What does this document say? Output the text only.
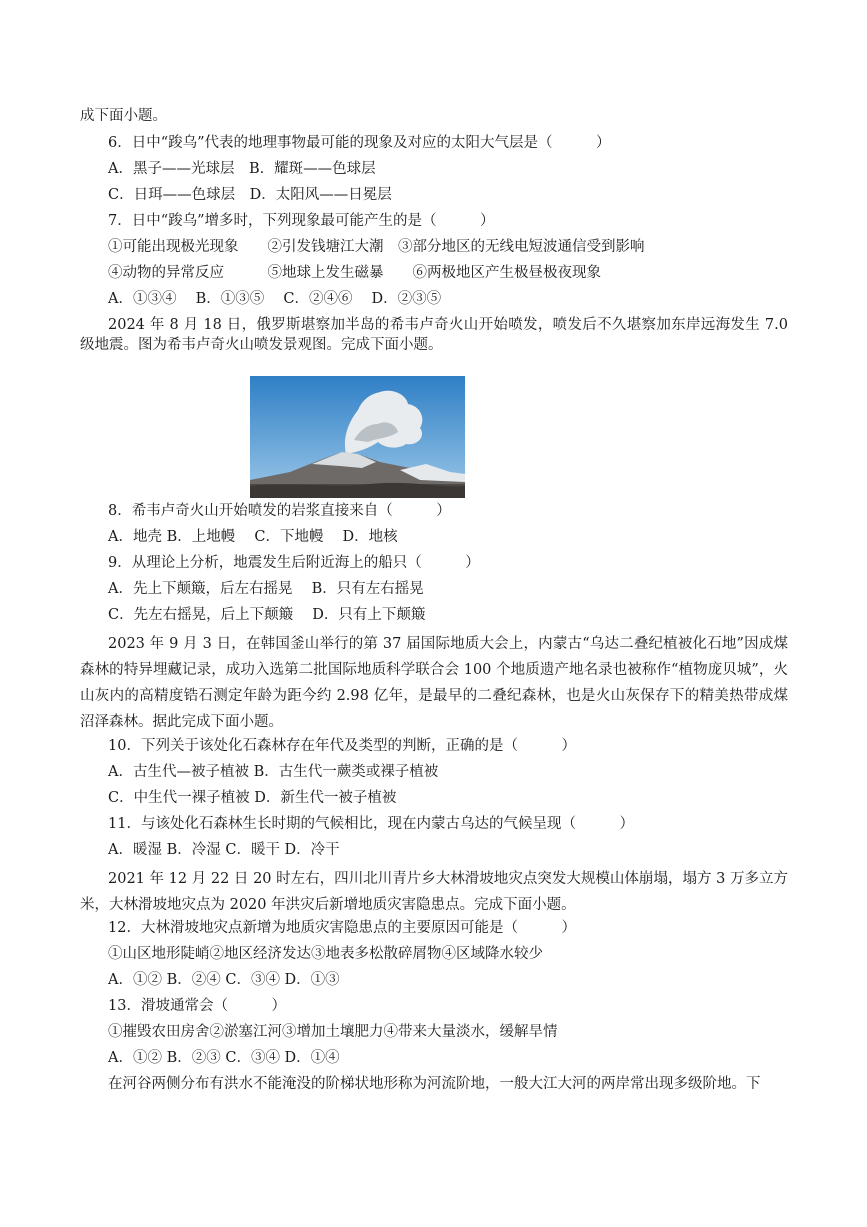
成下面小题。
6．日中“踆乌”代表的地理事物最可能的现象及对应的太阳大气层是（　　　）
A．黑子——光球层　B．耀斑——色球层
C．日珥——色球层　D．太阳风——日冕层
7．日中“踆乌”增多时，下列现象最可能产生的是（　　　）
①可能出现极光现象　　②引发钱塘江大潮　③部分地区的无线电短波通信受到影响
④动物的异常反应　　　⑤地球上发生磁暴　　⑥两极地区产生极昼极夜现象
A．①③④　 B．①③⑤　 C．②④⑥　 D．②③⑤
2024 年 8 月 18 日，俄罗斯堪察加半岛的希韦卢奇火山开始喷发，喷发后不久堪察加东岸远海发生 7.0 级地震。图为希韦卢奇火山喷发景观图。完成下面小题。
8．希韦卢奇火山开始喷发的岩浆直接来自（　　　）
A．地壳 B．上地幔　 C．下地幔　 D．地核
9．从理论上分析，地震发生后附近海上的船只（　　　）
A．先上下颠簸，后左右摇晃　 B．只有左右摇晃
C．先左右摇晃，后上下颠簸　 D．只有上下颠簸
2023 年 9 月 3 日，在韩国釜山举行的第 37 届国际地质大会上，内蒙古“乌达二叠纪植被化石地”因成煤森林的特异埋藏记录，成功入选第二批国际地质科学联合会 100 个地质遗产地名录也被称作“植物庞贝城”，火山灰内的高精度锆石测定年龄为距今约 2.98 亿年，是最早的二叠纪森林，也是火山灰保存下的精美热带成煤沼泽森林。据此完成下面小题。
10．下列关于该处化石森林存在年代及类型的判断，正确的是（　　　）
A．古生代—被子植被 B．古生代一蕨类或裸子植被
C．中生代一裸子植被 D．新生代一被子植被
11．与该处化石森林生长时期的气候相比，现在内蒙古乌达的气候呈现（　　　）
A．暖湿 B．冷湿 C．暖干 D．冷干
2021 年 12 月 22 日 20 时左右，四川北川青片乡大林滑坡地灾点突发大规模山体崩塌，塌方 3 万多立方米，大林滑坡地灾点为 2020 年洪灾后新增地质灾害隐患点。完成下面小题。
12．大林滑坡地灾点新增为地质灾害隐患点的主要原因可能是（　　　）
①山区地形陡峭②地区经济发达③地表多松散碎屑物④区域降水较少
A．①② B．②④ C．③④ D．①③
13．滑坡通常会（　　　）
①摧毁农田房舍②淤塞江河③增加土壤肥力④带来大量淡水，缓解旱情
A．①② B．②③ C．③④ D．①④
在河谷两侧分布有洪水不能淹没的阶梯状地形称为河流阶地，一般大江大河的两岸常出现多级阶地。下
